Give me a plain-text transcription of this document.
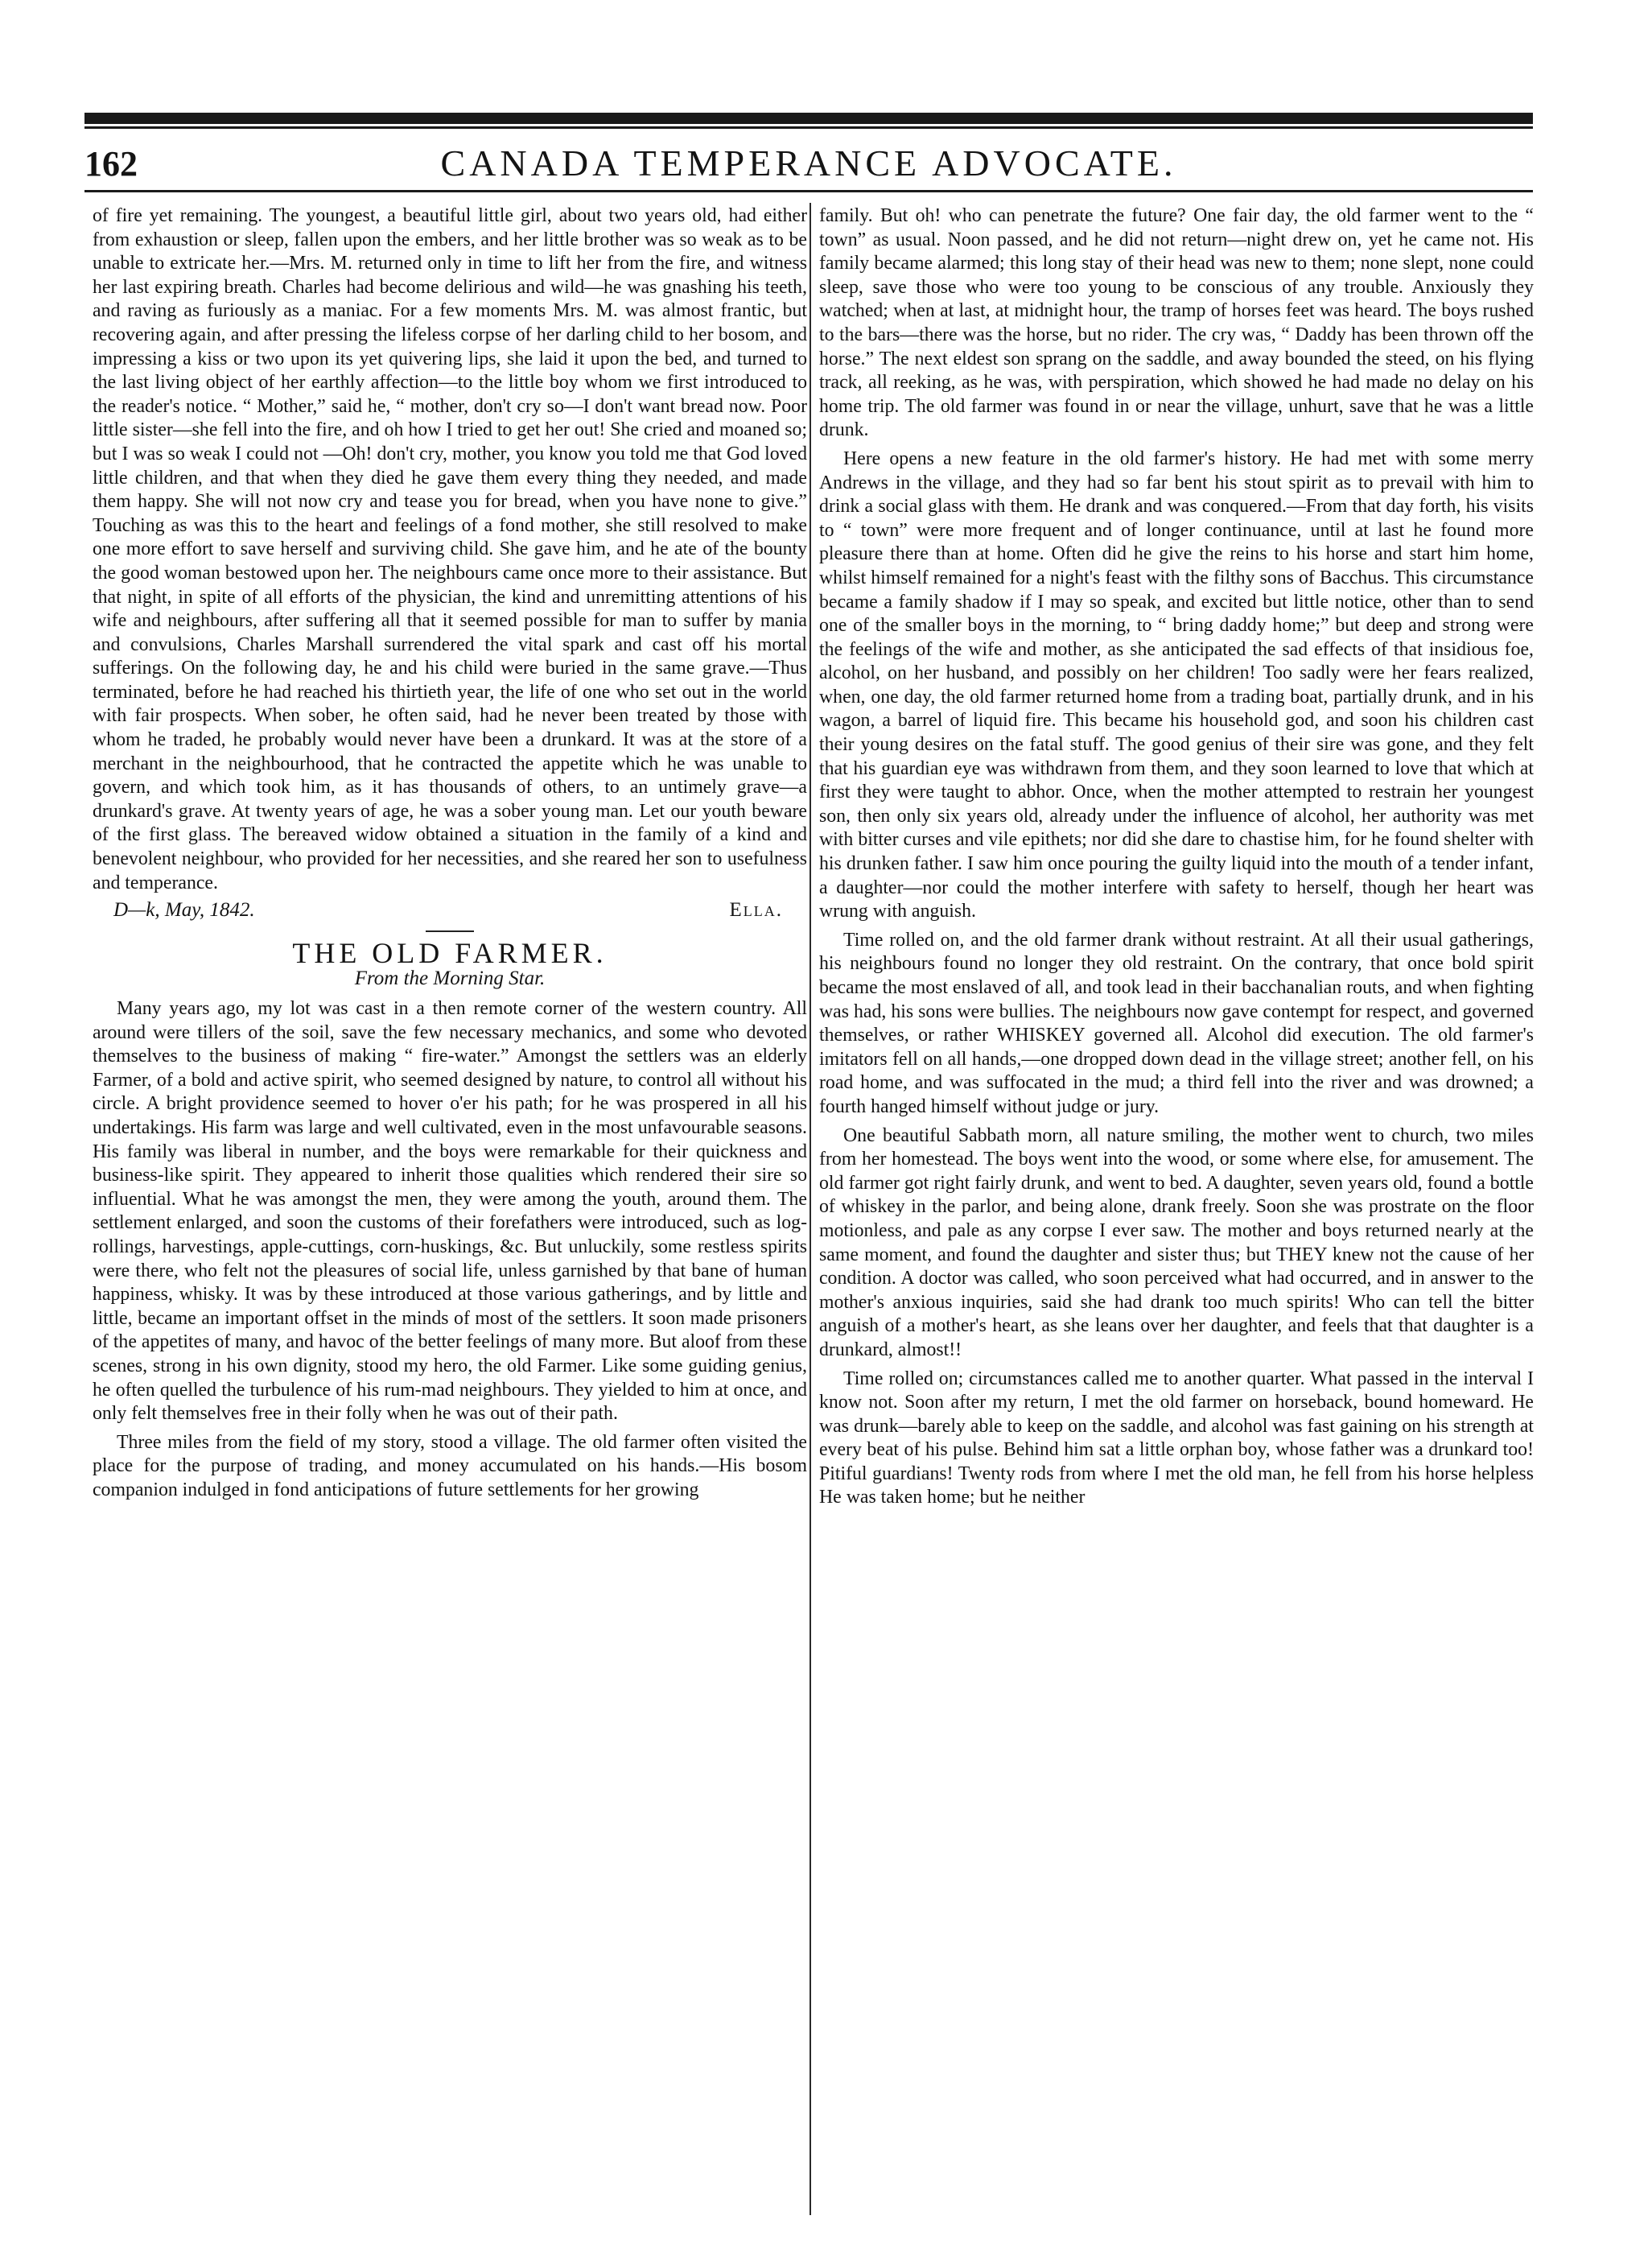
162	CANADA TEMPERANCE ADVOCATE.

of fire yet remaining. The youngest, a beautiful little girl, about two years old, had either from exhaustion or sleep, fallen upon the embers, and her little brother was so weak as to be unable to extricate her.—Mrs. M. returned only in time to lift her from the fire, and witness her last expiring breath. Charles had become delirious and wild—he was gnashing his teeth, and raving as furiously as a maniac. For a few moments Mrs. M. was almost frantic, but recovering again, and after pressing the lifeless corpse of her darling child to her bosom, and impressing a kiss or two upon its yet quivering lips, she laid it upon the bed, and turned to the last living object of her earthly affection—to the little boy whom we first introduced to the reader's notice. “ Mother,” said he, “ mother, don't cry so—I don't want bread now. Poor little sister—she fell into the fire, and oh how I tried to get her out! She cried and moaned so; but I was so weak I could not —Oh! don't cry, mother, you know you told me that God loved little children, and that when they died he gave them every thing they needed, and made them happy. She will not now cry and tease you for bread, when you have none to give.” Touching as was this to the heart and feelings of a fond mother, she still resolved to make one more effort to save herself and surviving child. She gave him, and he ate of the bounty the good woman bestowed upon her. The neighbours came once more to their assistance. But that night, in spite of all efforts of the physician, the kind and unremitting attentions of his wife and neighbours, after suffering all that it seemed possible for man to suffer by mania and convulsions, Charles Marshall surrendered the vital spark and cast off his mortal sufferings. On the following day, he and his child were buried in the same grave.—Thus terminated, before he had reached his thirtieth year, the life of one who set out in the world with fair prospects. When sober, he often said, had he never been treated by those with whom he traded, he probably would never have been a drunkard. It was at the store of a merchant in the neighbourhood, that he contracted the appetite which he was unable to govern, and which took him, as it has thousands of others, to an untimely grave—a drunkard's grave. At twenty years of age, he was a sober young man. Let our youth beware of the first glass. The bereaved widow obtained a situation in the family of a kind and benevolent neighbour, who provided for her necessities, and she reared her son to usefulness and temperance.

D—k, May, 1842.	Ella.
THE OLD FARMER.
From the Morning Star.

Many years ago, my lot was cast in a then remote corner of the western country. All around were tillers of the soil, save the few necessary mechanics, and some who devoted themselves to the business of making “ fire-water.” Amongst the settlers was an elderly Farmer, of a bold and active spirit, who seemed designed by nature, to control all without his circle. A bright providence seemed to hover o'er his path; for he was prospered in all his undertakings. His farm was large and well cultivated, even in the most unfavourable seasons. His family was liberal in number, and the boys were remarkable for their quickness and business-like spirit. They appeared to inherit those qualities which rendered their sire so influential. What he was amongst the men, they were among the youth, around them. The settlement enlarged, and soon the customs of their forefathers were introduced, such as log-rollings, harvestings, apple-cuttings, corn-huskings, &c. But unluckily, some restless spirits were there, who felt not the pleasures of social life, unless garnished by that bane of human happiness, whisky. It was by these introduced at those various gatherings, and by little and little, became an important offset in the minds of most of the settlers. It soon made prisoners of the appetites of many, and havoc of the better feelings of many more. But aloof from these scenes, strong in his own dignity, stood my hero, the old Farmer. Like some guiding genius, he often quelled the turbulence of his rum-mad neighbours. They yielded to him at once, and only felt themselves free in their folly when he was out of their path.

Three miles from the field of my story, stood a village. The old farmer often visited the place for the purpose of trading, and money accumulated on his hands.—His bosom companion indulged in fond anticipations of future settlements for her growing

family. But oh! who can penetrate the future? One fair day, the old farmer went to the “ town” as usual. Noon passed, and he did not return—night drew on, yet he came not. His family became alarmed; this long stay of their head was new to them; none slept, none could sleep, save those who were too young to be conscious of any trouble. Anxiously they watched; when at last, at midnight hour, the tramp of horses feet was heard. The boys rushed to the bars—there was the horse, but no rider. The cry was, “ Daddy has been thrown off the horse.” The next eldest son sprang on the saddle, and away bounded the steed, on his flying track, all reeking, as he was, with perspiration, which showed he had made no delay on his home trip. The old farmer was found in or near the village, unhurt, save that he was a little drunk.

Here opens a new feature in the old farmer's history. He had met with some merry Andrews in the village, and they had so far bent his stout spirit as to prevail with him to drink a social glass with them. He drank and was conquered.—From that day forth, his visits to “ town” were more frequent and of longer continuance, until at last he found more pleasure there than at home. Often did he give the reins to his horse and start him home, whilst himself remained for a night's feast with the filthy sons of Bacchus. This circumstance became a family shadow if I may so speak, and excited but little notice, other than to send one of the smaller boys in the morning, to “ bring daddy home;” but deep and strong were the feelings of the wife and mother, as she anticipated the sad effects of that insidious foe, alcohol, on her husband, and possibly on her children! Too sadly were her fears realized, when, one day, the old farmer returned home from a trading boat, partially drunk, and in his wagon, a barrel of liquid fire. This became his household god, and soon his children cast their young desires on the fatal stuff. The good genius of their sire was gone, and they felt that his guardian eye was withdrawn from them, and they soon learned to love that which at first they were taught to abhor. Once, when the mother attempted to restrain her youngest son, then only six years old, already under the influence of alcohol, her authority was met with bitter curses and vile epithets; nor did she dare to chastise him, for he found shelter with his drunken father. I saw him once pouring the guilty liquid into the mouth of a tender infant, a daughter—nor could the mother interfere with safety to herself, though her heart was wrung with anguish.

Time rolled on, and the old farmer drank without restraint. At all their usual gatherings, his neighbours found no longer they old restraint. On the contrary, that once bold spirit became the most enslaved of all, and took lead in their bacchanalian routs, and when fighting was had, his sons were bullies. The neighbours now gave contempt for respect, and governed themselves, or rather WHISKEY governed all. Alcohol did execution. The old farmer's imitators fell on all hands,—one dropped down dead in the village street; another fell, on his road home, and was suffocated in the mud; a third fell into the river and was drowned; a fourth hanged himself without judge or jury.

One beautiful Sabbath morn, all nature smiling, the mother went to church, two miles from her homestead. The boys went into the wood, or some where else, for amusement. The old farmer got right fairly drunk, and went to bed. A daughter, seven years old, found a bottle of whiskey in the parlor, and being alone, drank freely. Soon she was prostrate on the floor motionless, and pale as any corpse I ever saw. The mother and boys returned nearly at the same moment, and found the daughter and sister thus; but THEY knew not the cause of her condition. A doctor was called, who soon perceived what had occurred, and in answer to the mother's anxious inquiries, said she had drank too much spirits! Who can tell the bitter anguish of a mother's heart, as she leans over her daughter, and feels that that daughter is a drunkard, almost!!

Time rolled on; circumstances called me to another quarter. What passed in the interval I know not. Soon after my return, I met the old farmer on horseback, bound homeward. He was drunk—barely able to keep on the saddle, and alcohol was fast gaining on his strength at every beat of his pulse. Behind him sat a little orphan boy, whose father was a drunkard too! Pitiful guardians! Twenty rods from where I met the old man, he fell from his horse helpless He was taken home; but he neither
